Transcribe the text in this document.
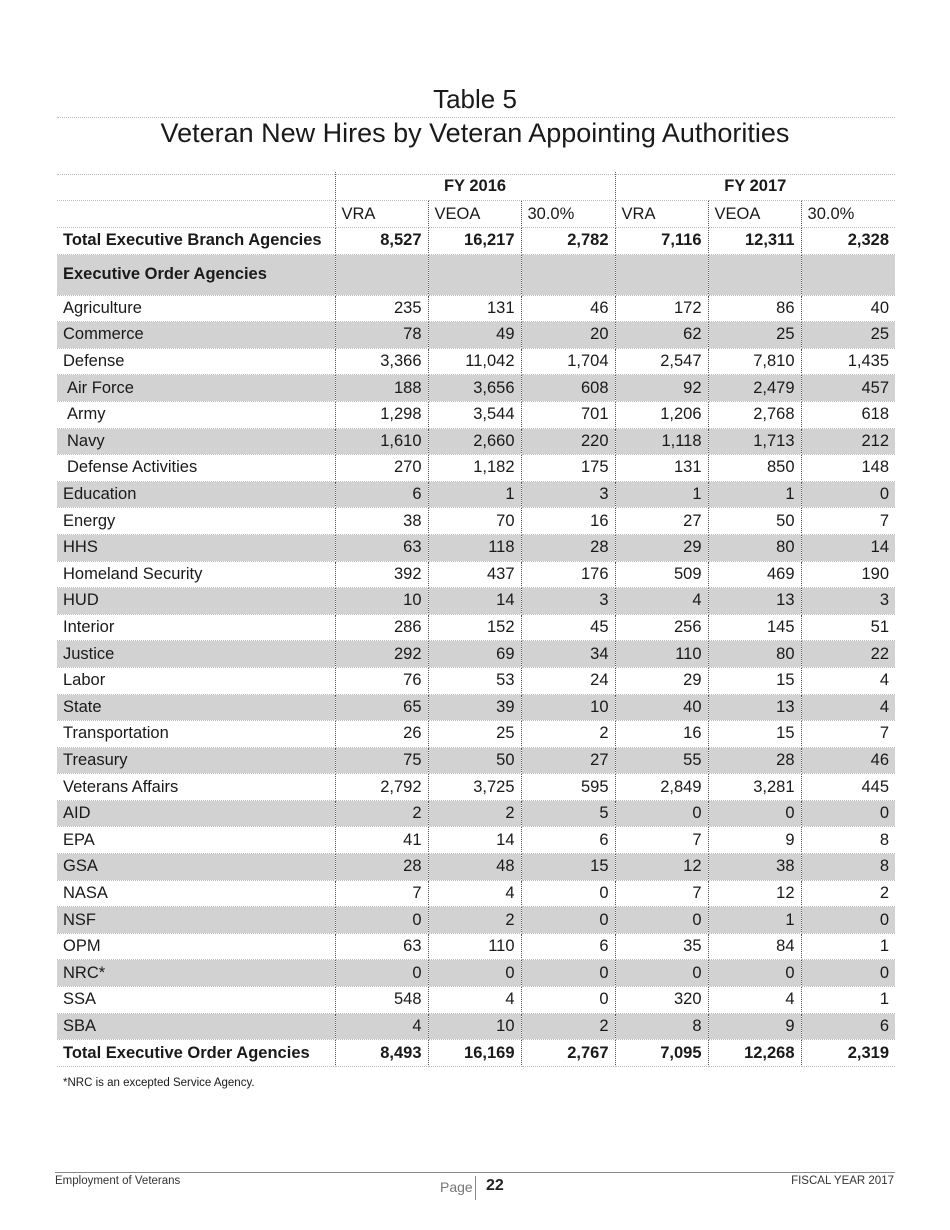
Table 5
Veteran New Hires by Veteran Appointing Authorities
	FY 2016			FY 2017		
	VRA	VEOA	30.0%	VRA	VEOA	30.0%
Total Executive Branch Agencies	8,527	16,217	2,782	7,116	12,311	2,328
Executive Order Agencies						
Agriculture	235	131	46	172	86	40
Commerce	78	49	20	62	25	25
Defense	3,366	11,042	1,704	2,547	7,810	1,435
Air Force	188	3,656	608	92	2,479	457
Army	1,298	3,544	701	1,206	2,768	618
Navy	1,610	2,660	220	1,118	1,713	212
Defense Activities	270	1,182	175	131	850	148
Education	6	1	3	1	1	0
Energy	38	70	16	27	50	7
HHS	63	118	28	29	80	14
Homeland Security	392	437	176	509	469	190
HUD	10	14	3	4	13	3
Interior	286	152	45	256	145	51
Justice	292	69	34	110	80	22
Labor	76	53	24	29	15	4
State	65	39	10	40	13	4
Transportation	26	25	2	16	15	7
Treasury	75	50	27	55	28	46
Veterans Affairs	2,792	3,725	595	2,849	3,281	445
AID	2	2	5	0	0	0
EPA	41	14	6	7	9	8
GSA	28	48	15	12	38	8
NASA	7	4	0	7	12	2
NSF	0	2	0	0	1	0
OPM	63	110	6	35	84	1
NRC*	0	0	0	0	0	0
SSA	548	4	0	320	4	1
SBA	4	10	2	8	9	6
Total Executive Order Agencies	8,493	16,169	2,767	7,095	12,268	2,319
*NRC is an excepted Service Agency.
Employment of Veterans	Page 22	FISCAL YEAR 2017
